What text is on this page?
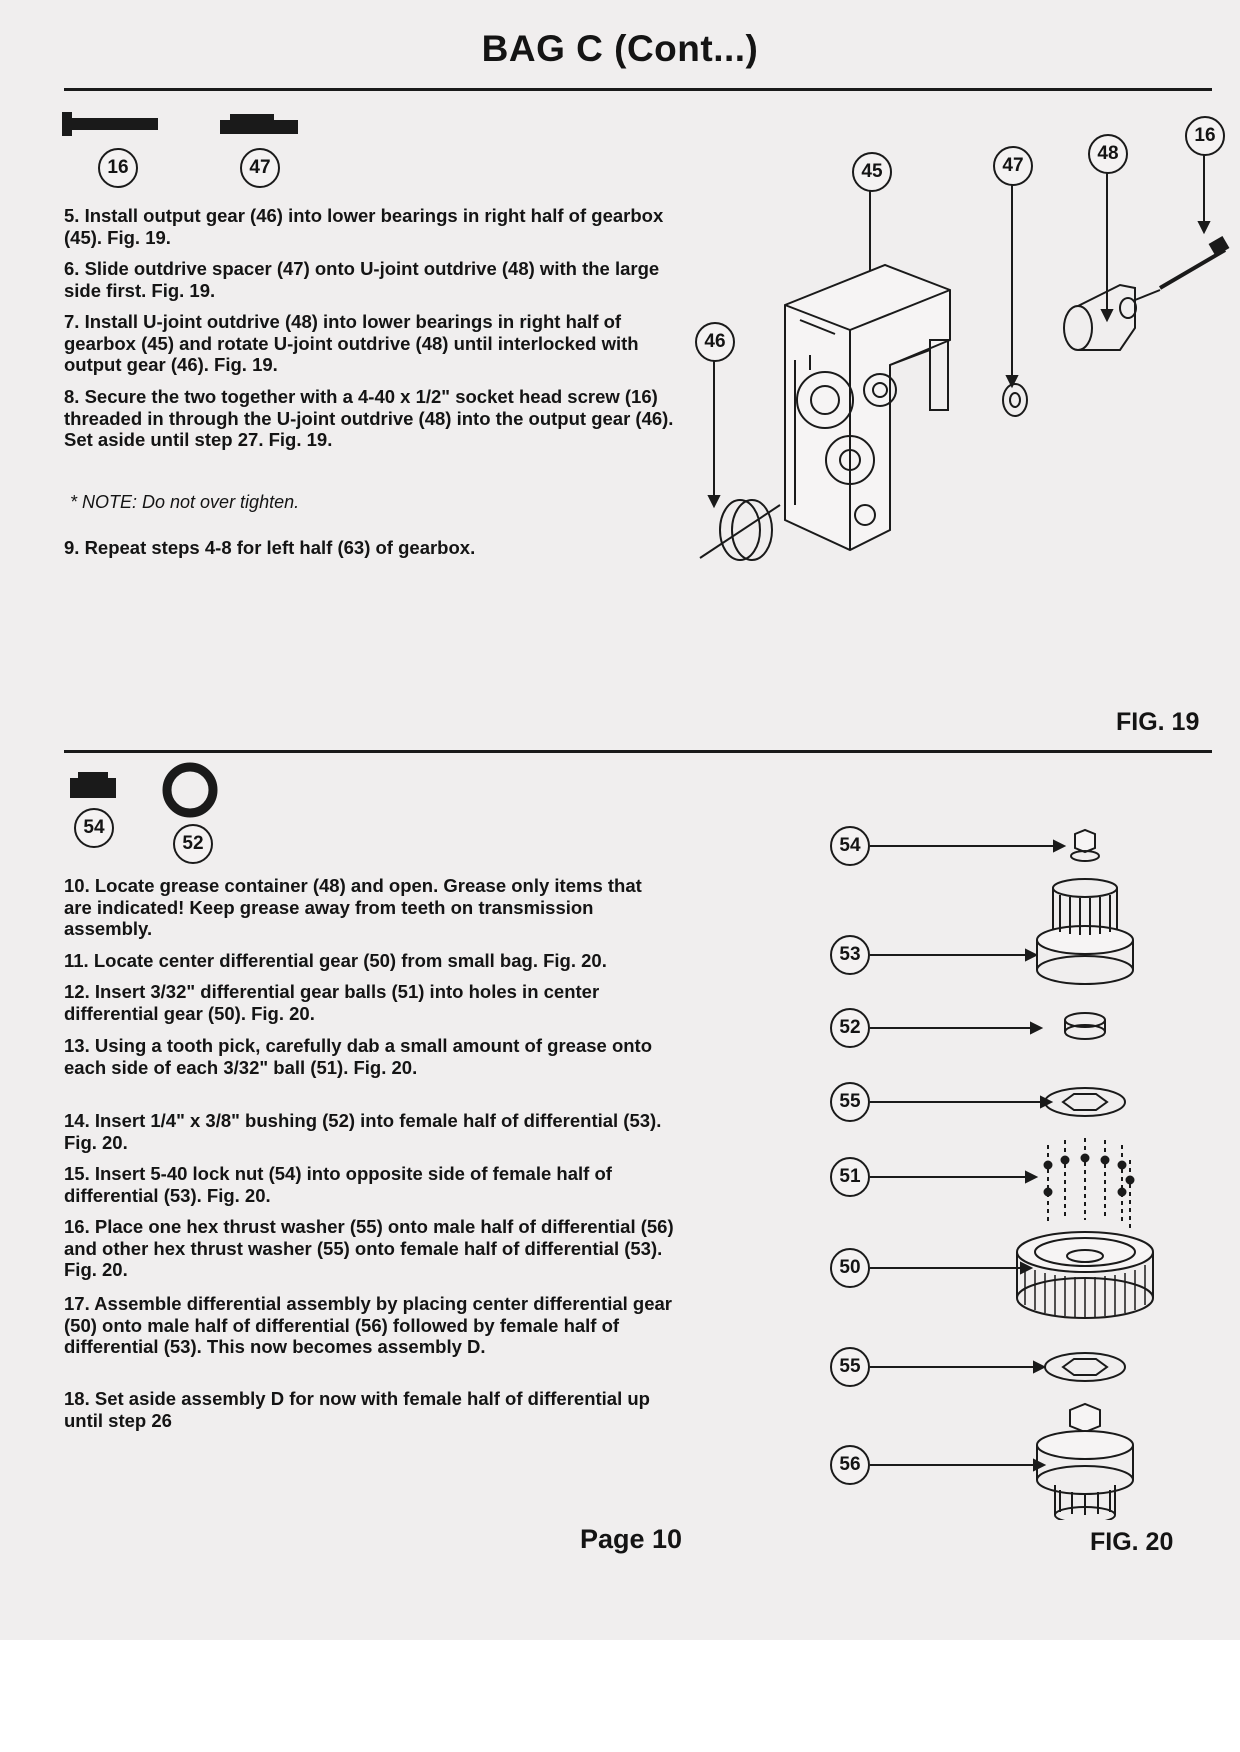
BAG C (Cont...)
16	47

5. Install output gear (46) into lower bearings in right half of gearbox (45). Fig. 19.

6. Slide outdrive spacer (47) onto U-joint outdrive (48) with the large side first. Fig. 19.

7. Install U-joint outdrive (48) into lower bearings in right half of gearbox (45) and rotate U-joint outdrive (48) until interlocked with output gear (46). Fig. 19.

8. Secure the two together with a 4-40 x 1/2" socket head screw (16) threaded in through the U-joint outdrive (48) into the output gear (46). Set aside until step 27. Fig. 19.

* NOTE: Do not over tighten.

9. Repeat steps 4-8 for left half (63) of gearbox.

45	47
48
16
46
FIG. 19
54
52

10. Locate grease container (48) and open. Grease only items that are indicated! Keep grease away from teeth on transmission assembly.

11. Locate center differential gear (50) from small bag. Fig. 20.

12. Insert 3/32" differential gear balls (51) into holes in center differential gear (50). Fig. 20.

13. Using a tooth pick, carefully dab a small amount of grease onto each side of each 3/32" ball (51). Fig. 20.

14. Insert 1/4" x 3/8" bushing (52) into female half of differential (53). Fig. 20.

15. Insert 5-40 lock nut (54) into opposite side of female half of differential (53). Fig. 20.

16. Place one hex thrust washer (55) onto male half of differential (56) and other hex thrust washer (55) onto female half of differential (53). Fig. 20.

17. Assemble differential assembly by placing center differential gear (50) onto male half of differential (56) followed by female half of differential (53). This now becomes assembly D.

18. Set aside assembly D for now with female half of differential up until step 26

54
53
52
55
51
50
55
56
FIG. 20
Page 10
